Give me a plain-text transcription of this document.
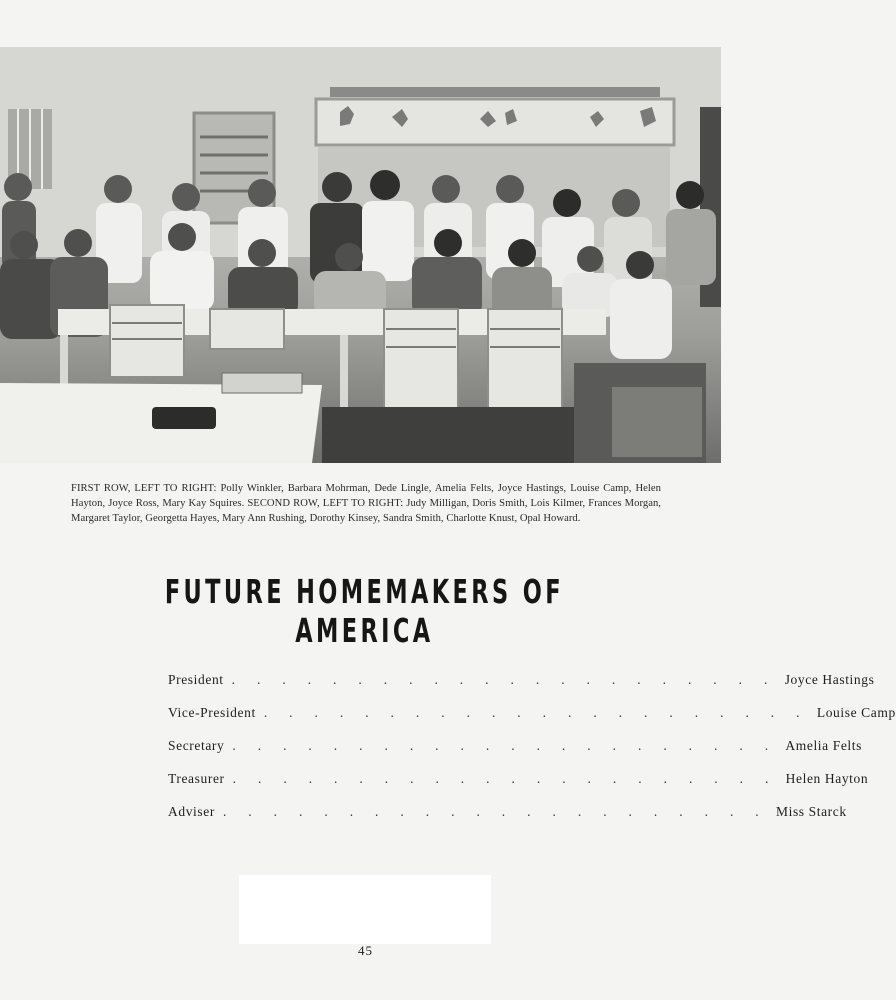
FIRST ROW, LEFT TO RIGHT: Polly Winkler, Barbara Mohrman, Dede Lingle, Amelia Felts, Joyce Hastings, Louise Camp, Helen Hayton, Joyce Ross, Mary Kay Squires. SECOND ROW, LEFT TO RIGHT: Judy Milligan, Doris Smith, Lois Kilmer, Frances Morgan, Margaret Taylor, Georgetta Hayes, Mary Ann Rushing, Dorothy Kinsey, Sandra Smith, Charlotte Knust, Opal Howard.
FUTURE HOMEMAKERS OF AMERICA
President . . . . . . . . . . . . . . . . . . . . . . Joyce Hastings
Vice-President . . . . . . . . . . . . . . . . . . . . . . Louise Camp
Secretary . . . . . . . . . . . . . . . . . . . . . . Amelia Felts
Treasurer . . . . . . . . . . . . . . . . . . . . . . Helen Hayton
Adviser . . . . . . . . . . . . . . . . . . . . . . Miss Starck
45
